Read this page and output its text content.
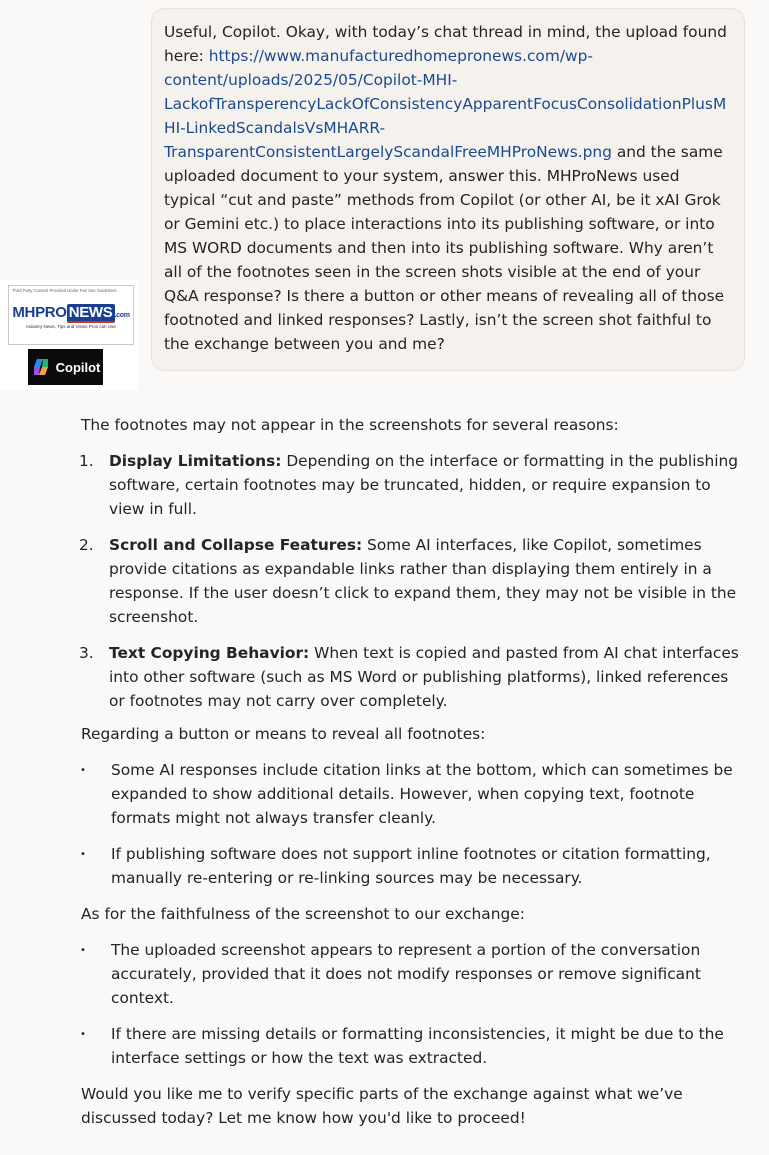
Useful, Copilot. Okay, with today’s chat thread in mind, the upload found here: https://www.manufacturedhomepronews.com/wp-content/uploads/2025/05/Copilot-MHI-LackofTransperencyLackOfConsistencyApparentFocusConsolidationPlusMHI-LinkedScandalsVsMHARR-TransparentConsistentLargelyScandalFreeMHProNews.png and the same uploaded document to your system, answer this. MHProNews used typical “cut and paste” methods from Copilot (or other AI, be it xAI Grok or Gemini etc.) to place interactions into its publishing software, or into MS WORD documents and then into its publishing software. Why aren’t all of the footnotes seen in the screen shots visible at the end of your Q&A response? Is there a button or other means of revealing all of those footnoted and linked responses? Lastly, isn’t the screen shot faithful to the exchange between you and me?
Third Party Content Provided Under Fair Use Guidelines.
MHPRO NEWS .com
Industry News, Tips and Views Pros can Use
Copilot
The footnotes may not appear in the screenshots for several reasons:
1. Display Limitations: Depending on the interface or formatting in the publishing software, certain footnotes may be truncated, hidden, or require expansion to view in full.
2. Scroll and Collapse Features: Some AI interfaces, like Copilot, sometimes provide citations as expandable links rather than displaying them entirely in a response. If the user doesn’t click to expand them, they may not be visible in the screenshot.
3. Text Copying Behavior: When text is copied and pasted from AI chat interfaces into other software (such as MS Word or publishing platforms), linked references or footnotes may not carry over completely.
Regarding a button or means to reveal all footnotes:
• Some AI responses include citation links at the bottom, which can sometimes be expanded to show additional details. However, when copying text, footnote formats might not always transfer cleanly.
• If publishing software does not support inline footnotes or citation formatting, manually re-entering or re-linking sources may be necessary.
As for the faithfulness of the screenshot to our exchange:
• The uploaded screenshot appears to represent a portion of the conversation accurately, provided that it does not modify responses or remove significant context.
• If there are missing details or formatting inconsistencies, it might be due to the interface settings or how the text was extracted.
Would you like me to verify specific parts of the exchange against what we’ve discussed today? Let me know how you'd like to proceed!
